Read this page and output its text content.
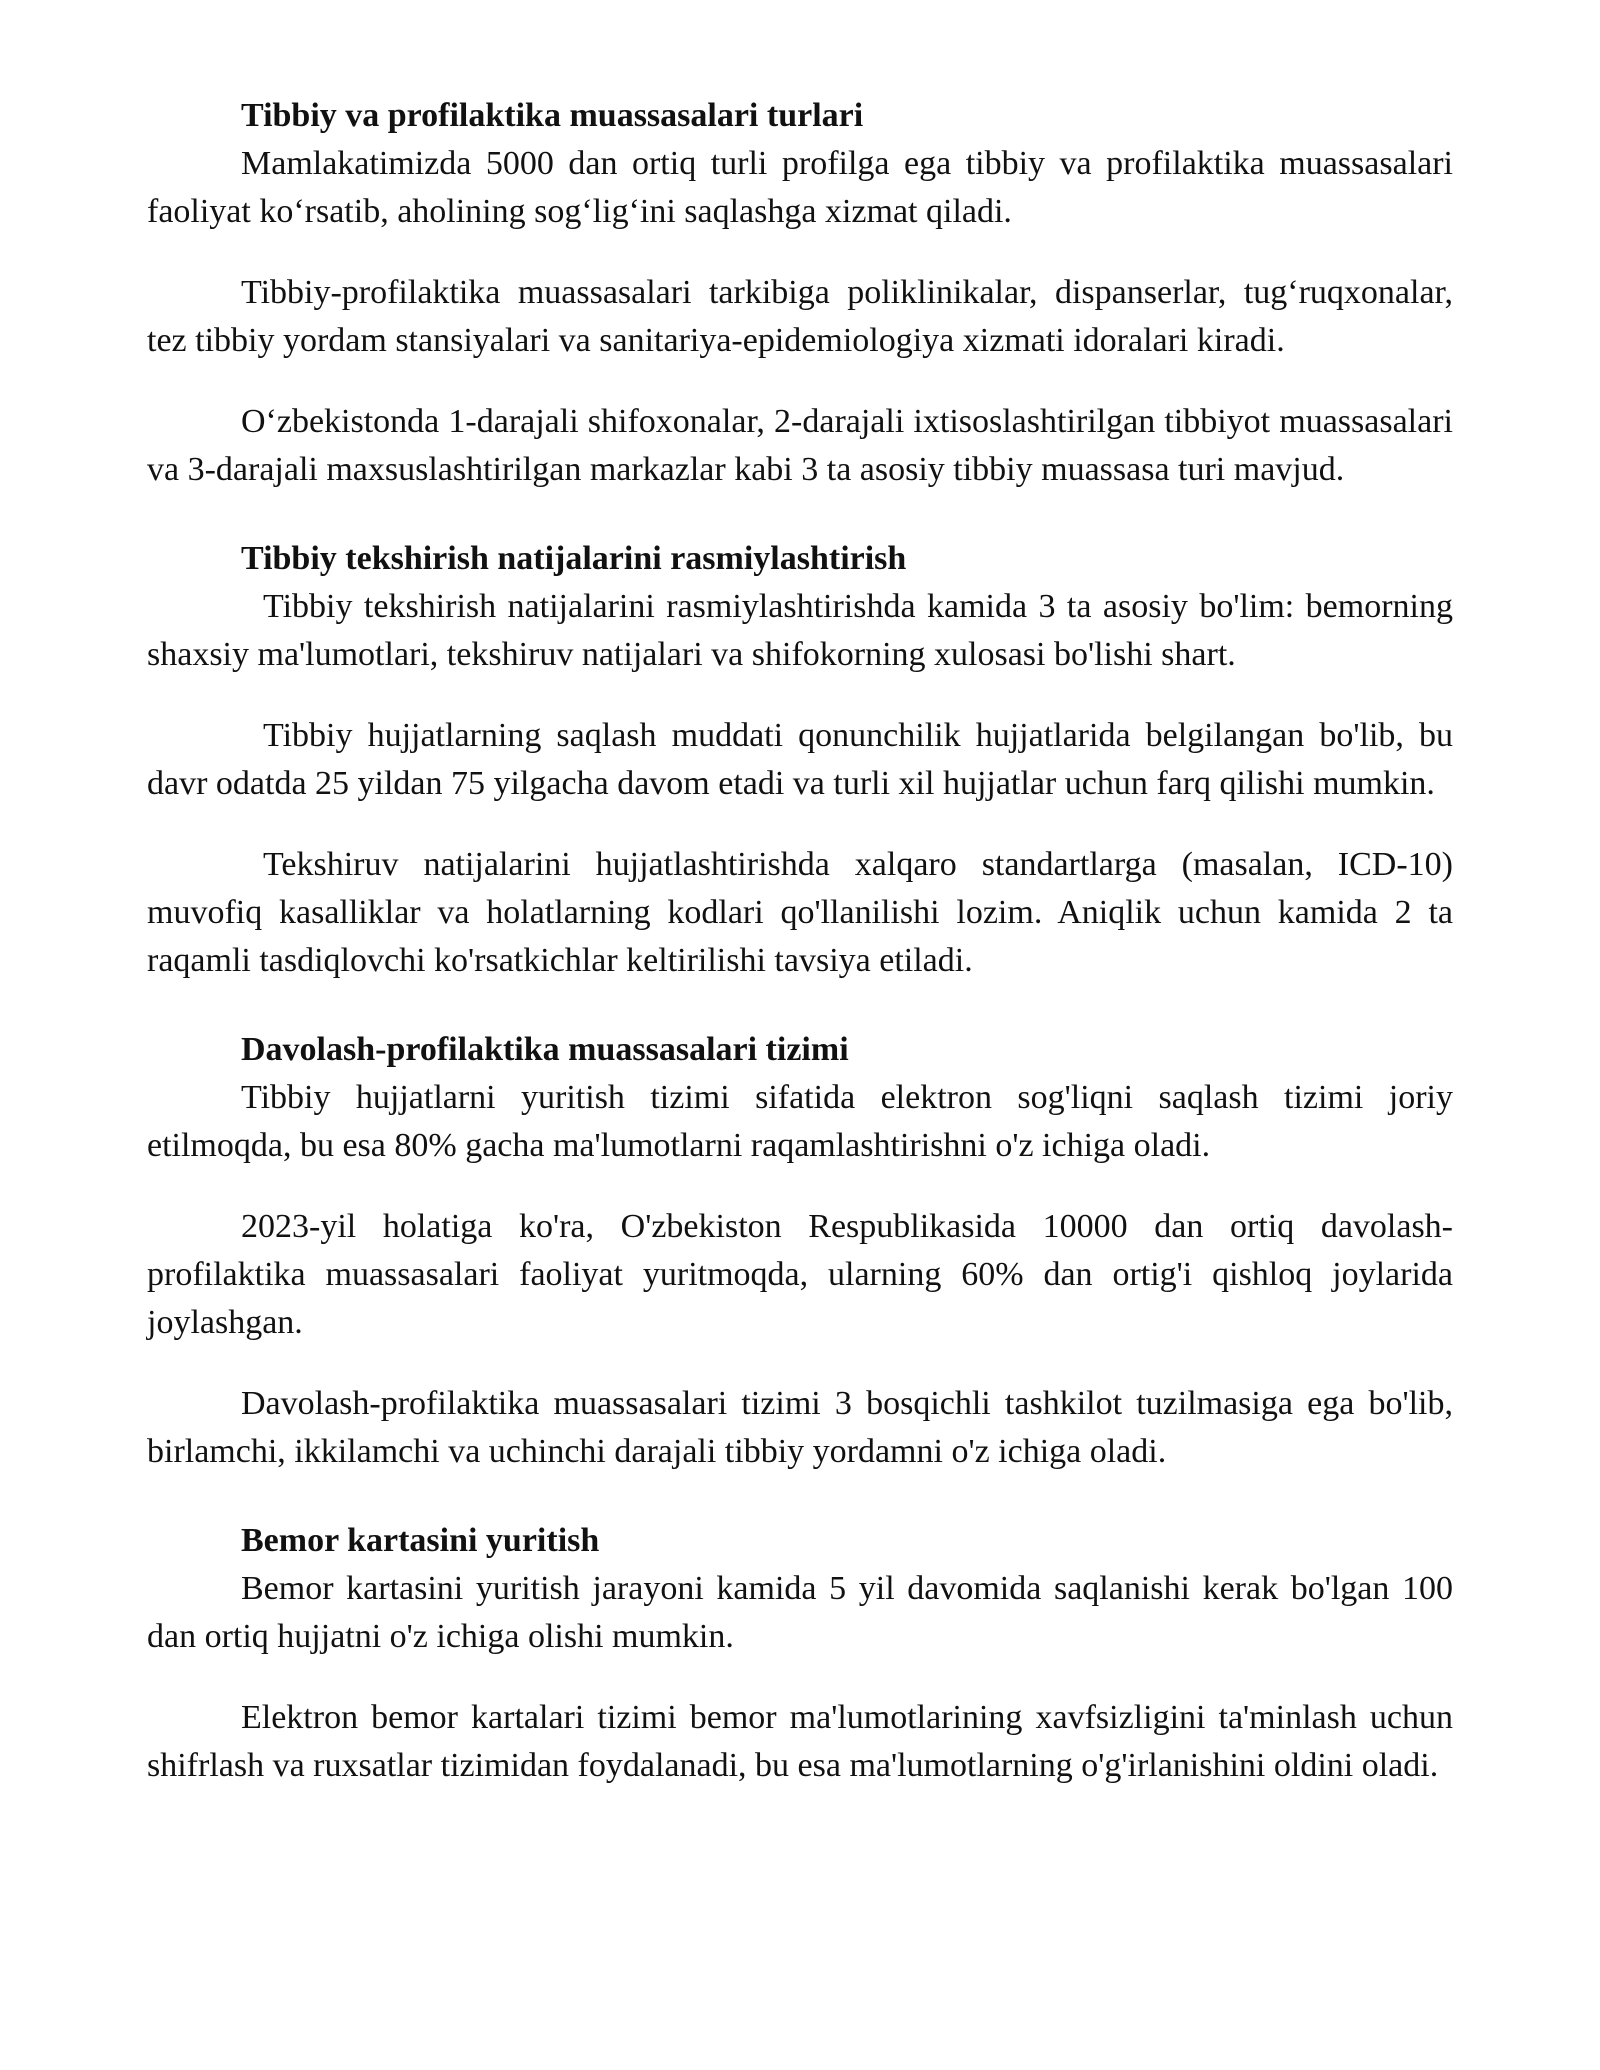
Tibbiy va profilaktika muassasalari turlari

Mamlakatimizda 5000 dan ortiq turli profilga ega tibbiy va profilaktika muassasalari faoliyat ko‘rsatib, aholining sog‘lig‘ini saqlashga xizmat qiladi.

Tibbiy-profilaktika muassasalari tarkibiga poliklinikalar, dispanserlar, tug‘ruqxonalar, tez tibbiy yordam stansiyalari va sanitariya-epidemiologiya xizmati idoralari kiradi.

O‘zbekistonda 1-darajali shifoxonalar, 2-darajali ixtisoslashtirilgan tibbiyot muassasalari va 3-darajali maxsuslashtirilgan markazlar kabi 3 ta asosiy tibbiy muassasa turi mavjud.

Tibbiy tekshirish natijalarini rasmiylashtirish

Tibbiy tekshirish natijalarini rasmiylashtirishda kamida 3 ta asosiy bo'lim: bemorning shaxsiy ma'lumotlari, tekshiruv natijalari va shifokorning xulosasi bo'lishi shart.

Tibbiy hujjatlarning saqlash muddati qonunchilik hujjatlarida belgilangan bo'lib, bu davr odatda 25 yildan 75 yilgacha davom etadi va turli xil hujjatlar uchun farq qilishi mumkin.

Tekshiruv natijalarini hujjatlashtirishda xalqaro standartlarga (masalan, ICD-10) muvofiq kasalliklar va holatlarning kodlari qo'llanilishi lozim. Aniqlik uchun kamida 2 ta raqamli tasdiqlovchi ko'rsatkichlar keltirilishi tavsiya etiladi.

Davolash-profilaktika muassasalari tizimi

Tibbiy hujjatlarni yuritish tizimi sifatida elektron sog'liqni saqlash tizimi joriy etilmoqda, bu esa 80% gacha ma'lumotlarni raqamlashtirishni o'z ichiga oladi.

2023-yil holatiga ko'ra, O'zbekiston Respublikasida 10000 dan ortiq davolash-profilaktika muassasalari faoliyat yuritmoqda, ularning 60% dan ortig'i qishloq joylarida joylashgan.

Davolash-profilaktika muassasalari tizimi 3 bosqichli tashkilot tuzilmasiga ega bo'lib, birlamchi, ikkilamchi va uchinchi darajali tibbiy yordamni o'z ichiga oladi.

Bemor kartasini yuritish

Bemor kartasini yuritish jarayoni kamida 5 yil davomida saqlanishi kerak bo'lgan 100 dan ortiq hujjatni o'z ichiga olishi mumkin.

Elektron bemor kartalari tizimi bemor ma'lumotlarining xavfsizligini ta'minlash uchun shifrlash va ruxsatlar tizimidan foydalanadi, bu esa ma'lumotlarning o'g'irlanishini oldini oladi.
